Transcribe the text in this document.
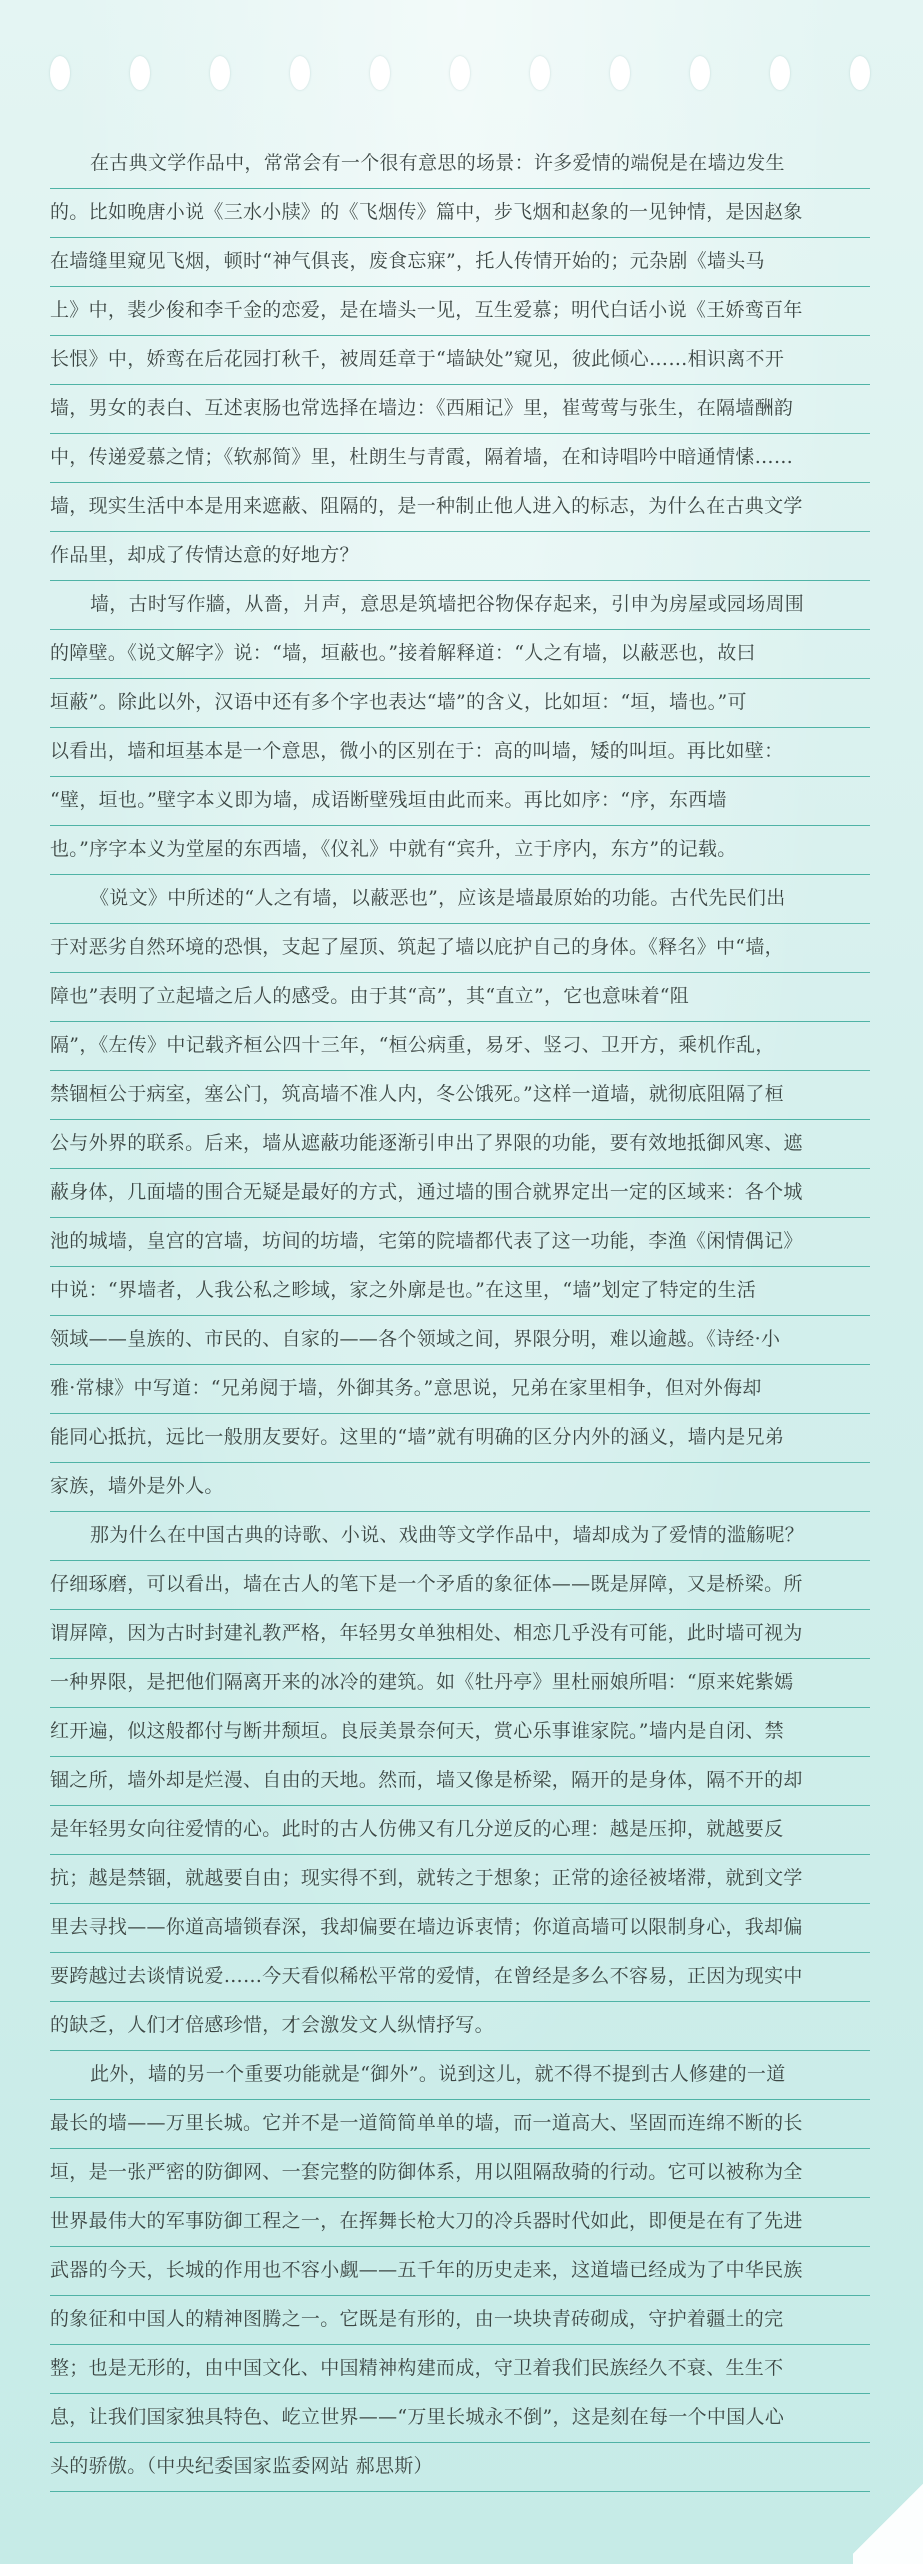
在古典文学作品中，常常会有一个很有意思的场景：许多爱情的端倪是在墙边发生
的。比如晚唐小说《三水小牍》的《飞烟传》篇中，步飞烟和赵象的一见钟情，是因赵象
在墙缝里窥见飞烟，顿时“神气俱丧，废食忘寐”，托人传情开始的；元杂剧《墙头马
上》中，裴少俊和李千金的恋爱，是在墙头一见，互生爱慕；明代白话小说《王娇鸾百年
长恨》中，娇鸾在后花园打秋千，被周廷章于“墙缺处”窥见，彼此倾心……相识离不开
墙，男女的表白、互述衷肠也常选择在墙边：《西厢记》里，崔莺莺与张生，在隔墙酬韵
中，传递爱慕之情；《软郝简》里，杜朗生与青霞，隔着墙，在和诗唱吟中暗通情愫……
墙，现实生活中本是用来遮蔽、阻隔的，是一种制止他人进入的标志，为什么在古典文学
作品里，却成了传情达意的好地方？
墙，古时写作牆，从嗇，爿声，意思是筑墙把谷物保存起来，引申为房屋或园场周围
的障壁。《说文解字》说：“墙，垣蔽也。”接着解释道：“人之有墙，以蔽恶也，故曰
垣蔽”。除此以外，汉语中还有多个字也表达“墙”的含义，比如垣：“垣，墙也。”可
以看出，墙和垣基本是一个意思，微小的区别在于：高的叫墙，矮的叫垣。再比如壁：
“壁，垣也。”壁字本义即为墙，成语断壁残垣由此而来。再比如序：“序，东西墙
也。”序字本义为堂屋的东西墙，《仪礼》中就有“宾升，立于序内，东方”的记载。
《说文》中所述的“人之有墙，以蔽恶也”，应该是墙最原始的功能。古代先民们出
于对恶劣自然环境的恐惧，支起了屋顶、筑起了墙以庇护自己的身体。《释名》中“墙，
障也”表明了立起墙之后人的感受。由于其“高”，其“直立”，它也意味着“阻
隔”，《左传》中记载齐桓公四十三年，“桓公病重，易牙、竖刁、卫开方，乘机作乱，
禁锢桓公于病室，塞公门，筑高墙不准人内，冬公饿死。”这样一道墙，就彻底阻隔了桓
公与外界的联系。后来，墙从遮蔽功能逐渐引申出了界限的功能，要有效地抵御风寒、遮
蔽身体，几面墙的围合无疑是最好的方式，通过墙的围合就界定出一定的区域来：各个城
池的城墙，皇宫的宫墙，坊间的坊墙，宅第的院墙都代表了这一功能，李渔《闲情偶记》
中说：“界墙者，人我公私之畛域，家之外廓是也。”在这里，“墙”划定了特定的生活
领域——皇族的、市民的、自家的——各个领域之间，界限分明，难以逾越。《诗经·小
雅·常棣》中写道：“兄弟阋于墙，外御其务。”意思说，兄弟在家里相争，但对外侮却
能同心抵抗，远比一般朋友要好。这里的“墙”就有明确的区分内外的涵义，墙内是兄弟
家族，墙外是外人。
那为什么在中国古典的诗歌、小说、戏曲等文学作品中，墙却成为了爱情的滥觞呢？
仔细琢磨，可以看出，墙在古人的笔下是一个矛盾的象征体——既是屏障，又是桥梁。所
谓屏障，因为古时封建礼教严格，年轻男女单独相处、相恋几乎没有可能，此时墙可视为
一种界限，是把他们隔离开来的冰冷的建筑。如《牡丹亭》里杜丽娘所唱：“原来姹紫嫣
红开遍，似这般都付与断井颓垣。良辰美景奈何天，赏心乐事谁家院。”墙内是自闭、禁
锢之所，墙外却是烂漫、自由的天地。然而，墙又像是桥梁，隔开的是身体，隔不开的却
是年轻男女向往爱情的心。此时的古人仿佛又有几分逆反的心理：越是压抑，就越要反
抗；越是禁锢，就越要自由；现实得不到，就转之于想象；正常的途径被堵滞，就到文学
里去寻找——你道高墙锁春深，我却偏要在墙边诉衷情；你道高墙可以限制身心，我却偏
要跨越过去谈情说爱……今天看似稀松平常的爱情，在曾经是多么不容易，正因为现实中
的缺乏，人们才倍感珍惜，才会激发文人纵情抒写。
此外，墙的另一个重要功能就是“御外”。说到这儿，就不得不提到古人修建的一道
最长的墙——万里长城。它并不是一道简简单单的墙，而一道高大、坚固而连绵不断的长
垣，是一张严密的防御网、一套完整的防御体系，用以阻隔敌骑的行动。它可以被称为全
世界最伟大的军事防御工程之一，在挥舞长枪大刀的冷兵器时代如此，即便是在有了先进
武器的今天，长城的作用也不容小觑——五千年的历史走来，这道墙已经成为了中华民族
的象征和中国人的精神图腾之一。它既是有形的，由一块块青砖砌成，守护着疆土的完
整；也是无形的，由中国文化、中国精神构建而成，守卫着我们民族经久不衰、生生不
息，让我们国家独具特色、屹立世界——“万里长城永不倒”，这是刻在每一个中国人心
头的骄傲。（中央纪委国家监委网站 郝思斯）
